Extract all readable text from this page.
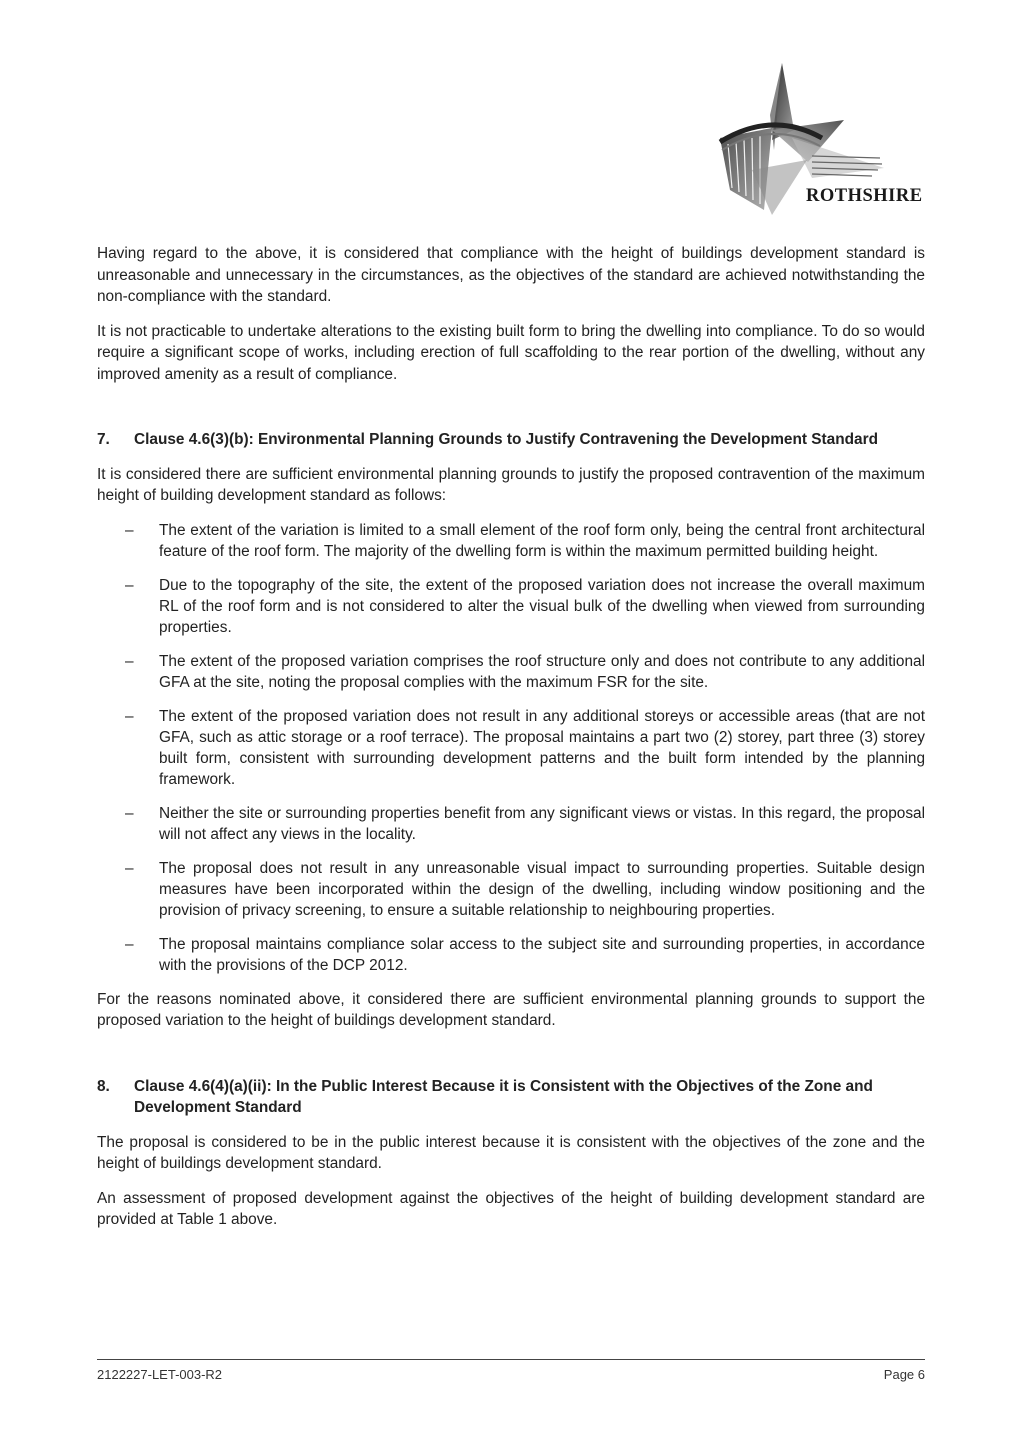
ROTHSHIRE

Having regard to the above, it is considered that compliance with the height of buildings development standard is unreasonable and unnecessary in the circumstances, as the objectives of the standard are achieved notwithstanding the non-compliance with the standard.

It is not practicable to undertake alterations to the existing built form to bring the dwelling into compliance. To do so would require a significant scope of works, including erection of full scaffolding to the rear portion of the dwelling, without any improved amenity as a result of compliance.

7.	Clause 4.6(3)(b): Environmental Planning Grounds to Justify Contravening the Development Standard

It is considered there are sufficient environmental planning grounds to justify the proposed contravention of the maximum height of building development standard as follows:

–	The extent of the variation is limited to a small element of the roof form only, being the central front architectural feature of the roof form. The majority of the dwelling form is within the maximum permitted building height.
–	Due to the topography of the site, the extent of the proposed variation does not increase the overall maximum RL of the roof form and is not considered to alter the visual bulk of the dwelling when viewed from surrounding properties.
–	The extent of the proposed variation comprises the roof structure only and does not contribute to any additional GFA at the site, noting the proposal complies with the maximum FSR for the site.
–	The extent of the proposed variation does not result in any additional storeys or accessible areas (that are not GFA, such as attic storage or a roof terrace). The proposal maintains a part two (2) storey, part three (3) storey built form, consistent with surrounding development patterns and the built form intended by the planning framework.
–	Neither the site or surrounding properties benefit from any significant views or vistas. In this regard, the proposal will not affect any views in the locality.
–	The proposal does not result in any unreasonable visual impact to surrounding properties. Suitable design measures have been incorporated within the design of the dwelling, including window positioning and the provision of privacy screening, to ensure a suitable relationship to neighbouring properties.
–	The proposal maintains compliance solar access to the subject site and surrounding properties, in accordance with the provisions of the DCP 2012.

For the reasons nominated above, it considered there are sufficient environmental planning grounds to support the proposed variation to the height of buildings development standard.

8.	Clause 4.6(4)(a)(ii): In the Public Interest Because it is Consistent with the Objectives of the Zone and Development Standard

The proposal is considered to be in the public interest because it is consistent with the objectives of the zone and the height of buildings development standard.

An assessment of proposed development against the objectives of the height of building development standard are provided at Table 1 above.

2122227-LET-003-R2	Page 6
